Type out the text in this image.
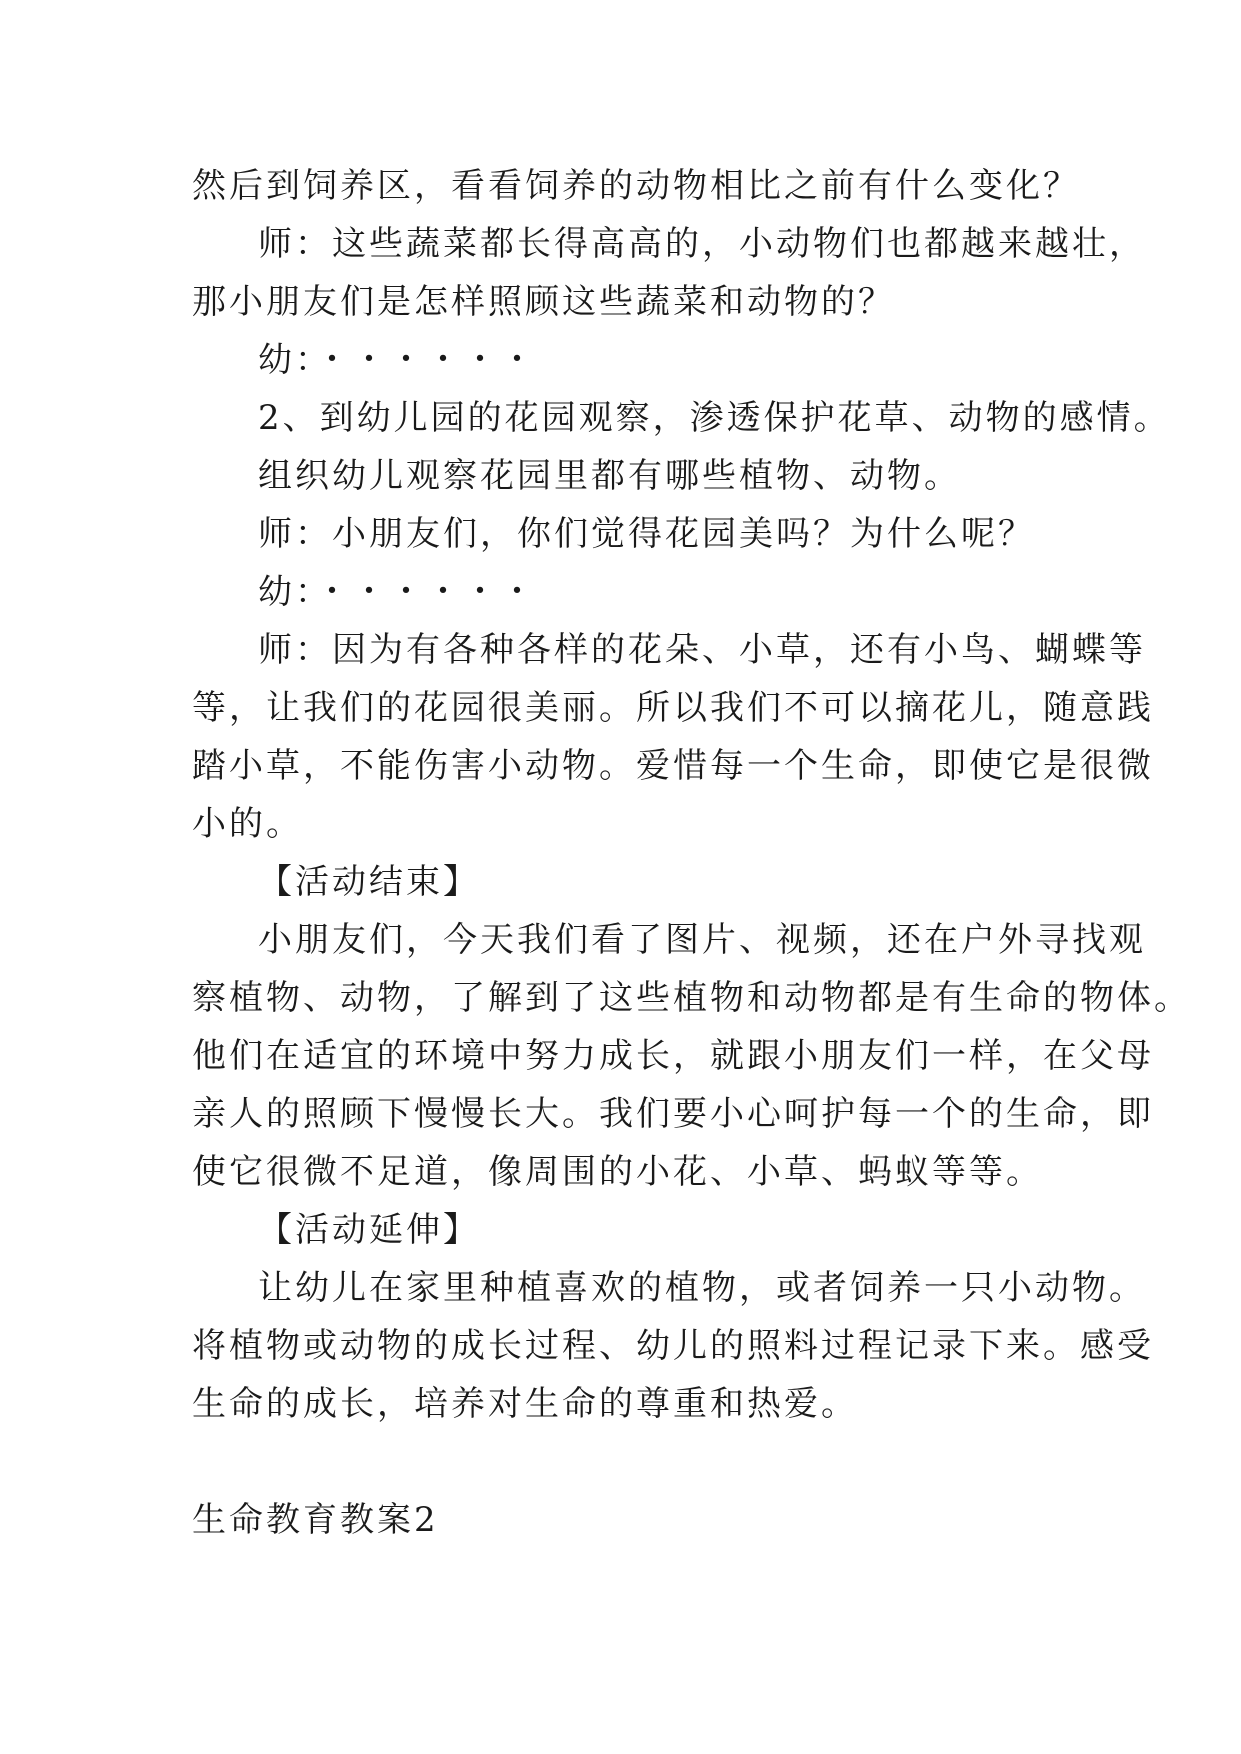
然后到饲养区，看看饲养的动物相比之前有什么变化？
师：这些蔬菜都长得高高的，小动物们也都越来越壮，
那小朋友们是怎样照顾这些蔬菜和动物的？
幼：・・・・・・
2、到幼儿园的花园观察，渗透保护花草、动物的感情。
组织幼儿观察花园里都有哪些植物、动物。
师：小朋友们，你们觉得花园美吗？为什么呢？
幼：・・・・・・
师：因为有各种各样的花朵、小草，还有小鸟、蝴蝶等
等，让我们的花园很美丽。所以我们不可以摘花儿，随意践
踏小草，不能伤害小动物。爱惜每一个生命，即使它是很微
小的。
【活动结束】
小朋友们，今天我们看了图片、视频，还在户外寻找观
察植物、动物，了解到了这些植物和动物都是有生命的物体。
他们在适宜的环境中努力成长，就跟小朋友们一样，在父母
亲人的照顾下慢慢长大。我们要小心呵护每一个的生命，即
使它很微不足道，像周围的小花、小草、蚂蚁等等。
【活动延伸】
让幼儿在家里种植喜欢的植物，或者饲养一只小动物。
将植物或动物的成长过程、幼儿的照料过程记录下来。感受
生命的成长，培养对生命的尊重和热爱。
生命教育教案2
